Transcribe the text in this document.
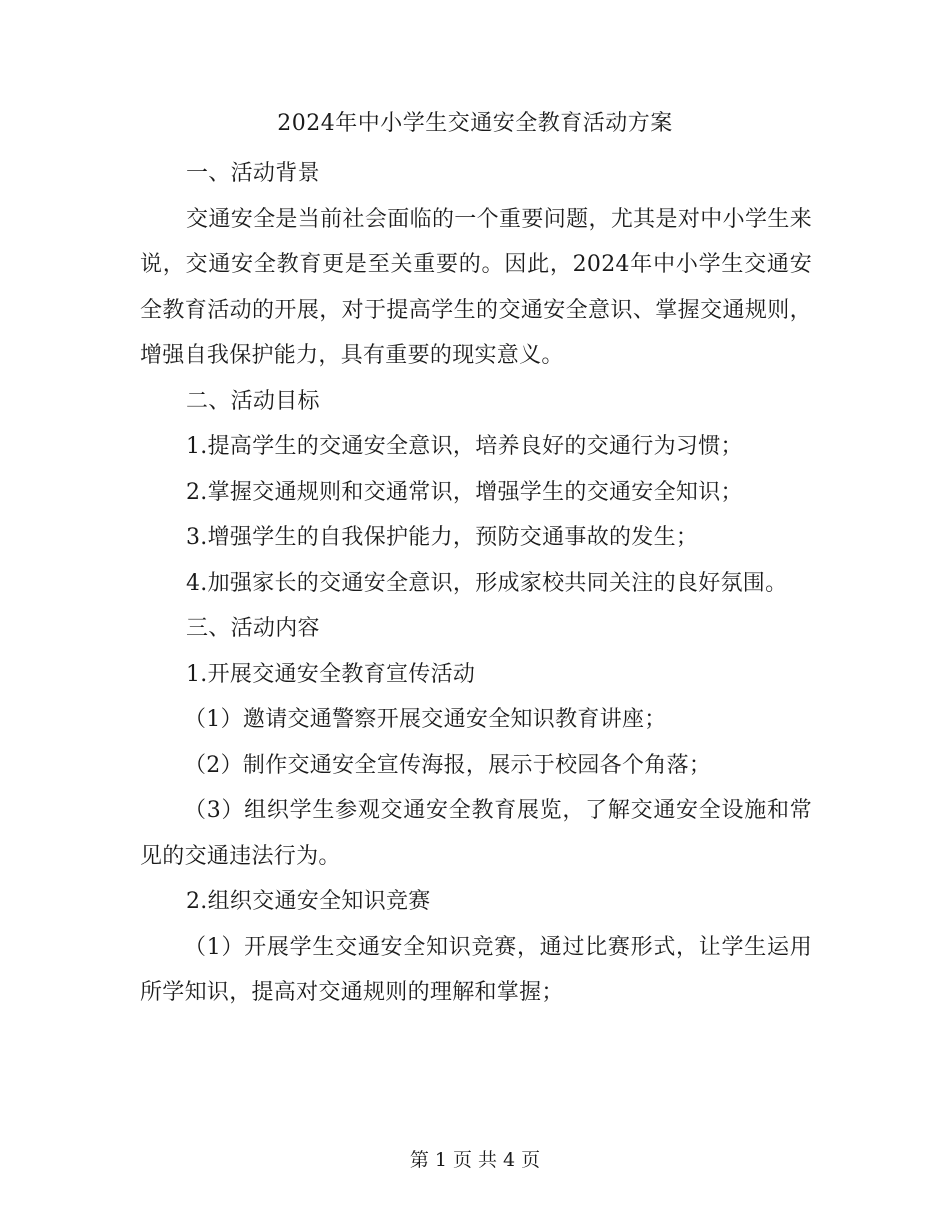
2024年中小学生交通安全教育活动方案

一、活动背景

交通安全是当前社会面临的一个重要问题，尤其是对中小学生来说，交通安全教育更是至关重要的。因此，2024年中小学生交通安全教育活动的开展，对于提高学生的交通安全意识、掌握交通规则，增强自我保护能力，具有重要的现实意义。

二、活动目标

1.提高学生的交通安全意识，培养良好的交通行为习惯；

2.掌握交通规则和交通常识，增强学生的交通安全知识；

3.增强学生的自我保护能力，预防交通事故的发生；

4.加强家长的交通安全意识，形成家校共同关注的良好氛围。

三、活动内容

1.开展交通安全教育宣传活动

（1）邀请交通警察开展交通安全知识教育讲座；

（2）制作交通安全宣传海报，展示于校园各个角落；

（3）组织学生参观交通安全教育展览，了解交通安全设施和常见的交通违法行为。

2.组织交通安全知识竞赛

（1）开展学生交通安全知识竞赛，通过比赛形式，让学生运用所学知识，提高对交通规则的理解和掌握；

第 1 页 共 4 页
